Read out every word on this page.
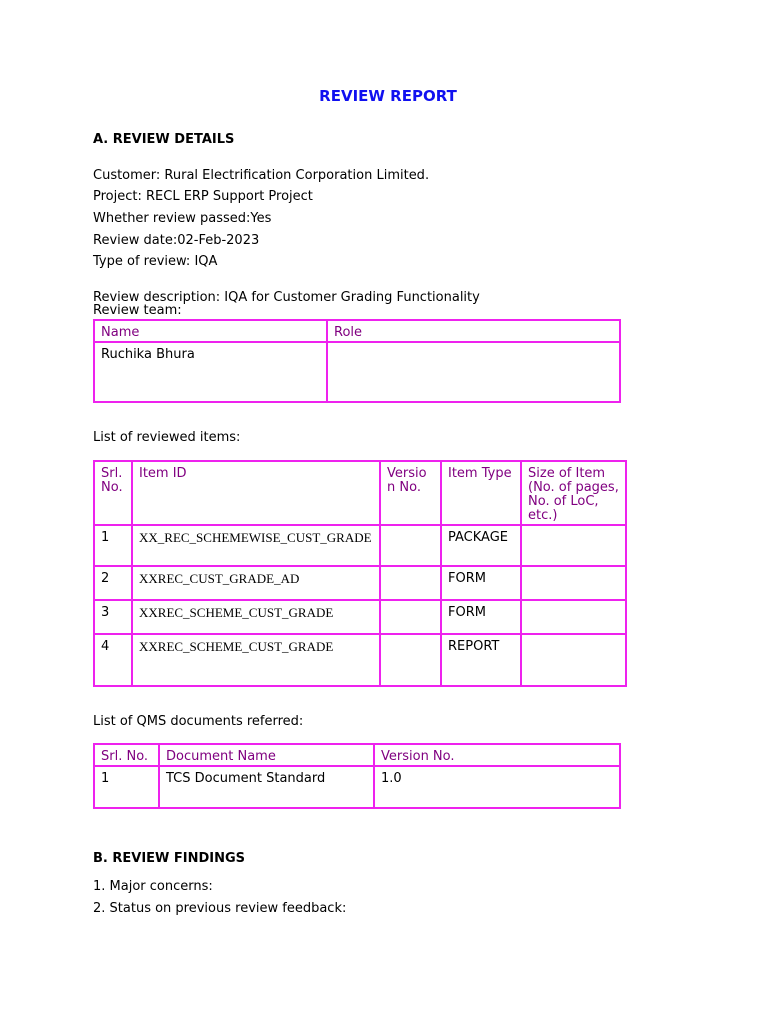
REVIEW REPORT
A. REVIEW DETAILS
Customer: Rural Electrification Corporation Limited.
Project: RECL ERP Support Project
Whether review passed:Yes
Review date:02-Feb-2023
Type of review: IQA
Review description: IQA for Customer Grading Functionality
Review team:
Name	Role
Ruchika Bhura	
List of reviewed items:
Srl. No.	Item ID	Version No.	Item Type	Size of Item (No. of pages, No. of LoC, etc.)
1	XX_REC_SCHEMEWISE_CUST_GRADE		PACKAGE	
2	XXREC_CUST_GRADE_AD		FORM	
3	XXREC_SCHEME_CUST_GRADE		FORM	
4	XXREC_SCHEME_CUST_GRADE		REPORT	
List of QMS documents referred:
Srl. No.	Document Name	Version No.
1	TCS Document Standard	1.0
B. REVIEW FINDINGS
1. Major concerns:
2. Status on previous review feedback:
